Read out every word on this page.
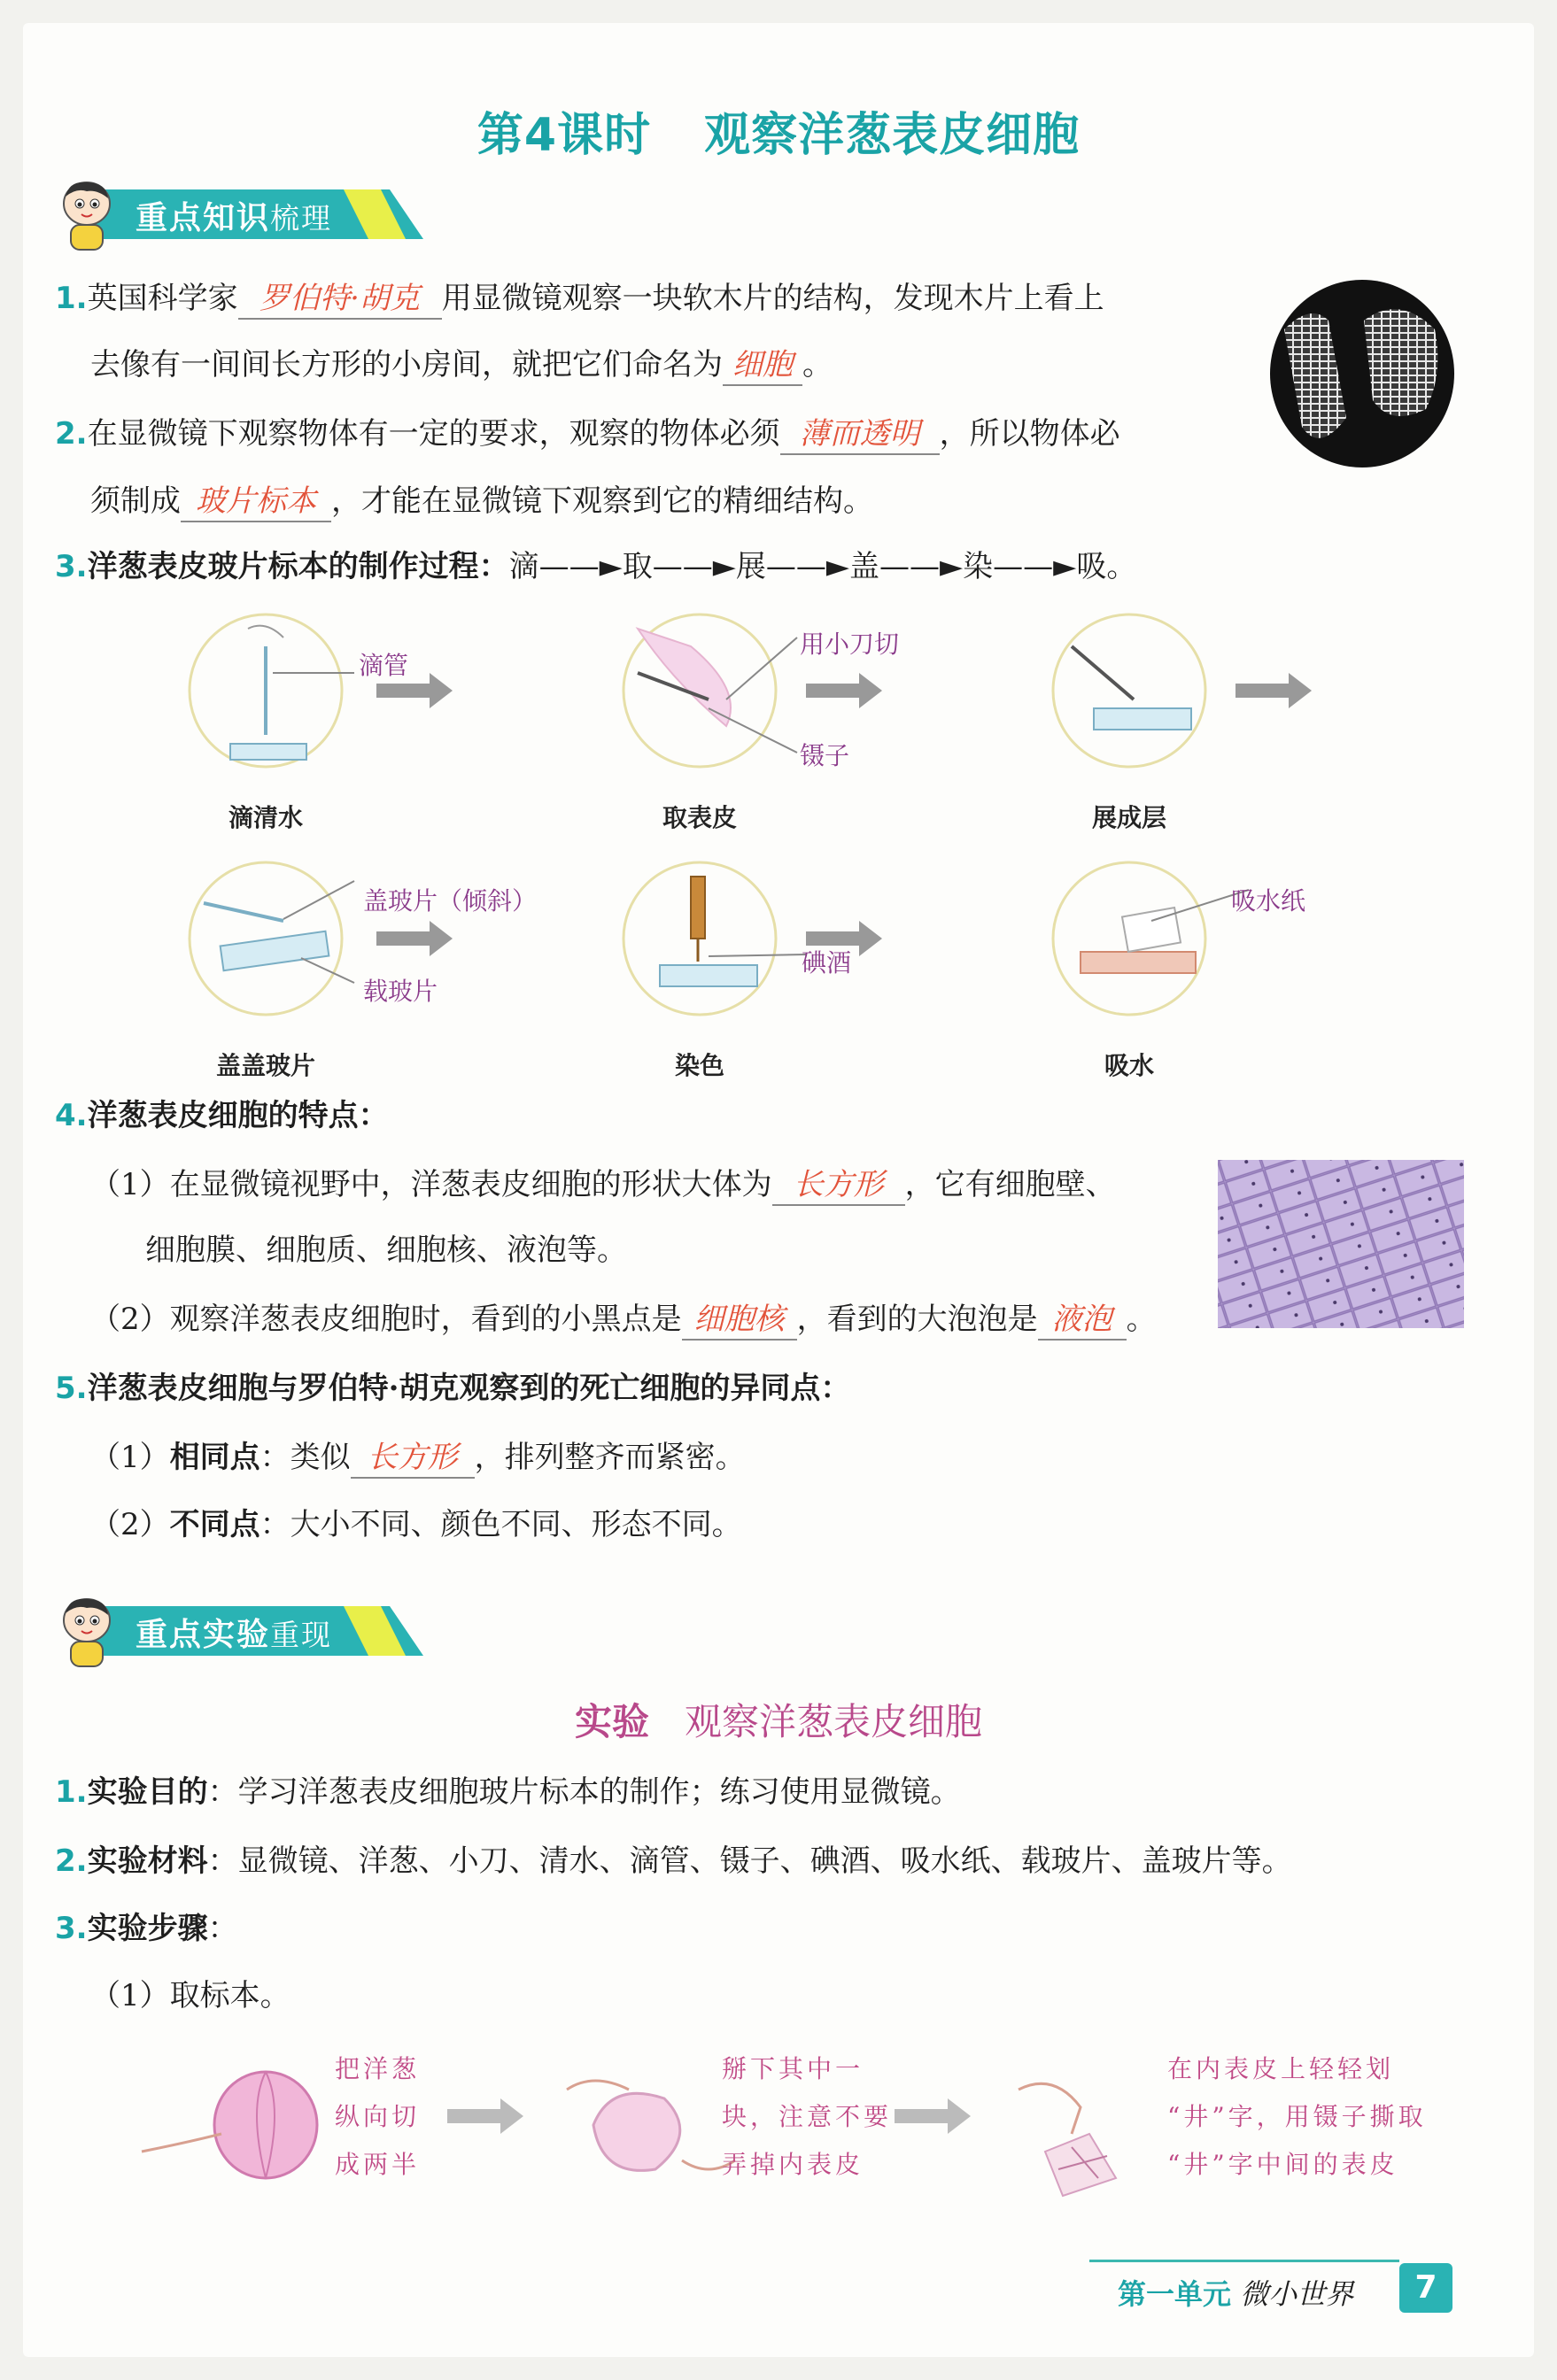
第4课时 观察洋葱表皮细胞
重点知识梳理
1.英国科学家 罗伯特·胡克 用显微镜观察一块软木片的结构，发现木片上看上
去像有一间间长方形的小房间，就把它们命名为 细胞 。
2.在显微镜下观察物体有一定的要求，观察的物体必须 薄而透明 ，所以物体必
须制成 玻片标本 ，才能在显微镜下观察到它的精细结构。
3.洋葱表皮玻片标本的制作过程：滴——►取——►展——►盖——►染——►吸。
滴管
用小刀切
镊子
盖玻片（倾斜）
载玻片
碘酒
吸水纸
滴清水	取表皮	展成层
盖盖玻片	染色	吸水
4.洋葱表皮细胞的特点：
（1）在显微镜视野中，洋葱表皮细胞的形状大体为 长方形 ，它有细胞壁、
细胞膜、细胞质、细胞核、液泡等。
（2）观察洋葱表皮细胞时，看到的小黑点是 细胞核 ，看到的大泡泡是 液泡 。
5.洋葱表皮细胞与罗伯特·胡克观察到的死亡细胞的异同点：
（1）相同点：类似 长方形 ，排列整齐而紧密。
（2）不同点：大小不同、颜色不同、形态不同。
重点实验重现
实验 观察洋葱表皮细胞
1.实验目的：学习洋葱表皮细胞玻片标本的制作；练习使用显微镜。
2.实验材料：显微镜、洋葱、小刀、清水、滴管、镊子、碘酒、吸水纸、载玻片、盖玻片等。
3.实验步骤：
（1）取标本。
把洋葱
纵向切
成两半
掰下其中一
块，注意不要
弄掉内表皮
在内表皮上轻轻划
“井”字，用镊子撕取
“井”字中间的表皮
第一单元 微小世界	7
